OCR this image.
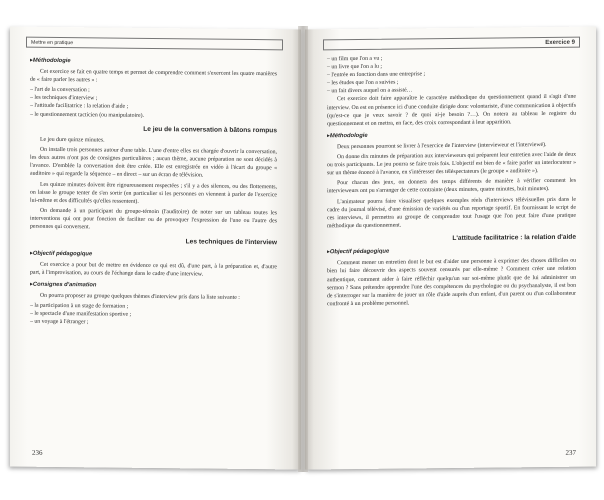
Mettre en pratique
▸ Méthodologie

Cet exercice se fait en quatre temps et permet de comprendre comment s'exercent les quatre manières de « faire parler les autres » :

– l'art de la conversation ;

– les techniques d'interview ;

– l'attitude facilitatrice : la relation d'aide ;

– le questionnement tacticien (ou manipulatoire).

Le jeu de la conversation à bâtons rompus

Le jeu dure quinze minutes.

On installe trois personnes autour d'une table. L'une d'entre elles est chargée d'ouvrir la conversation, les deux autres n'ont pas de consignes particulières ; aucun thème, aucune préparation ne sont décidés à l'avance. D'emblée la conversation doit être créée. Elle est enregistrée en vidéo à l'écart du groupe « auditoire » qui regarde la séquence – en direct – sur un écran de télévision.

Les quinze minutes doivent être rigoureusement respectées ; s'il y a des silences, ou des flottements, on laisse le groupe tenter de s'en sortir (en particulier si les personnes en viennent à parler de l'exercice lui-même et des difficultés qu'elles ressentent).

On demande à un participant du groupe-témoin (l'auditoire) de noter sur un tableau toutes les interventions qui ont pour fonction de faciliter ou de provoquer l'expression de l'une ou l'autre des personnes qui conversent.

Les techniques de l'interview
▸ Objectif pédagogique

Cet exercice a pour but de mettre en évidence ce qui est dû, d'une part, à la préparation et, d'autre part, à l'improvisation, au cours de l'échange dans le cadre d'une interview.

▸ Consignes d'animation

On pourra proposer au groupe quelques thèmes d'interview pris dans la liste suivante :

– la participation à un stage de formation ;

– le spectacle d'une manifestation sportive ;

– un voyage à l'étranger ;

236
Exercice 9

– un film que l'on a vu ;

– un livre que l'on a lu ;

– l'entrée en fonction dans une entreprise ;

– les études que l'on a suivies ;

– un fait divers auquel on a assisté…

Cet exercice doit faire apparaître le caractère méthodique du questionnement quand il s'agit d'une interview. On est en présence ici d'une conduite dirigée donc volontariste, d'une communication à objectifs (qu'est-ce que je veux savoir ? de quoi ai-je besoin ?…). On notera au tableau le registre du questionnement et on mettra, en face, des croix correspondant à leur apparition.

▸ Méthodologie

Deux personnes pourront se livrer à l'exercice de l'interview (intervieweur et l'interviewé).

On donne dix minutes de préparation aux intervieweurs qui préparent leur entretien avec l'aide de deux ou trois participants. Le jeu pourra se faire trois fois. L'objectif est bien de « faire parler un interlocuteur » sur un thème énoncé à l'avance, en s'intéresser des téléspectateurs (le groupe « auditoire »).

Pour chacun des jeux, on donnera des temps différents de manière à vérifier comment les intervieweurs ont pu s'arranger de cette contrainte (deux minutes, quatre minutes, huit minutes).

L'animateur pourra faire visualiser quelques exemples réels d'interviews télévisuelles pris dans le cadre du journal télévisé, d'une émission de variétés ou d'un reportage sportif. En fournissant le script de ces interviews, il permettra au groupe de comprendre tout l'usage que l'on peut faire d'une pratique méthodique du questionnement.

L'attitude facilitatrice : la relation d'aide
▸ Objectif pédagogique

Comment mener un entretien dont le but est d'aider une personne à exprimer des choses difficiles ou bien lui faire découvrir des aspects souvent censurés par elle-même ? Comment créer une relation authentique, comment aider à faire réfléchir quelqu'un sur soi-même plutôt que de lui administrer un sermon ? Sans prétendre apprendre l'une des compétences du psychologue ou du psychanalyste, il est bon de s'interroger sur la manière de jouer un rôle d'aide auprès d'un enfant, d'un parent ou d'un collaborateur confronté à un problème personnel.

237
